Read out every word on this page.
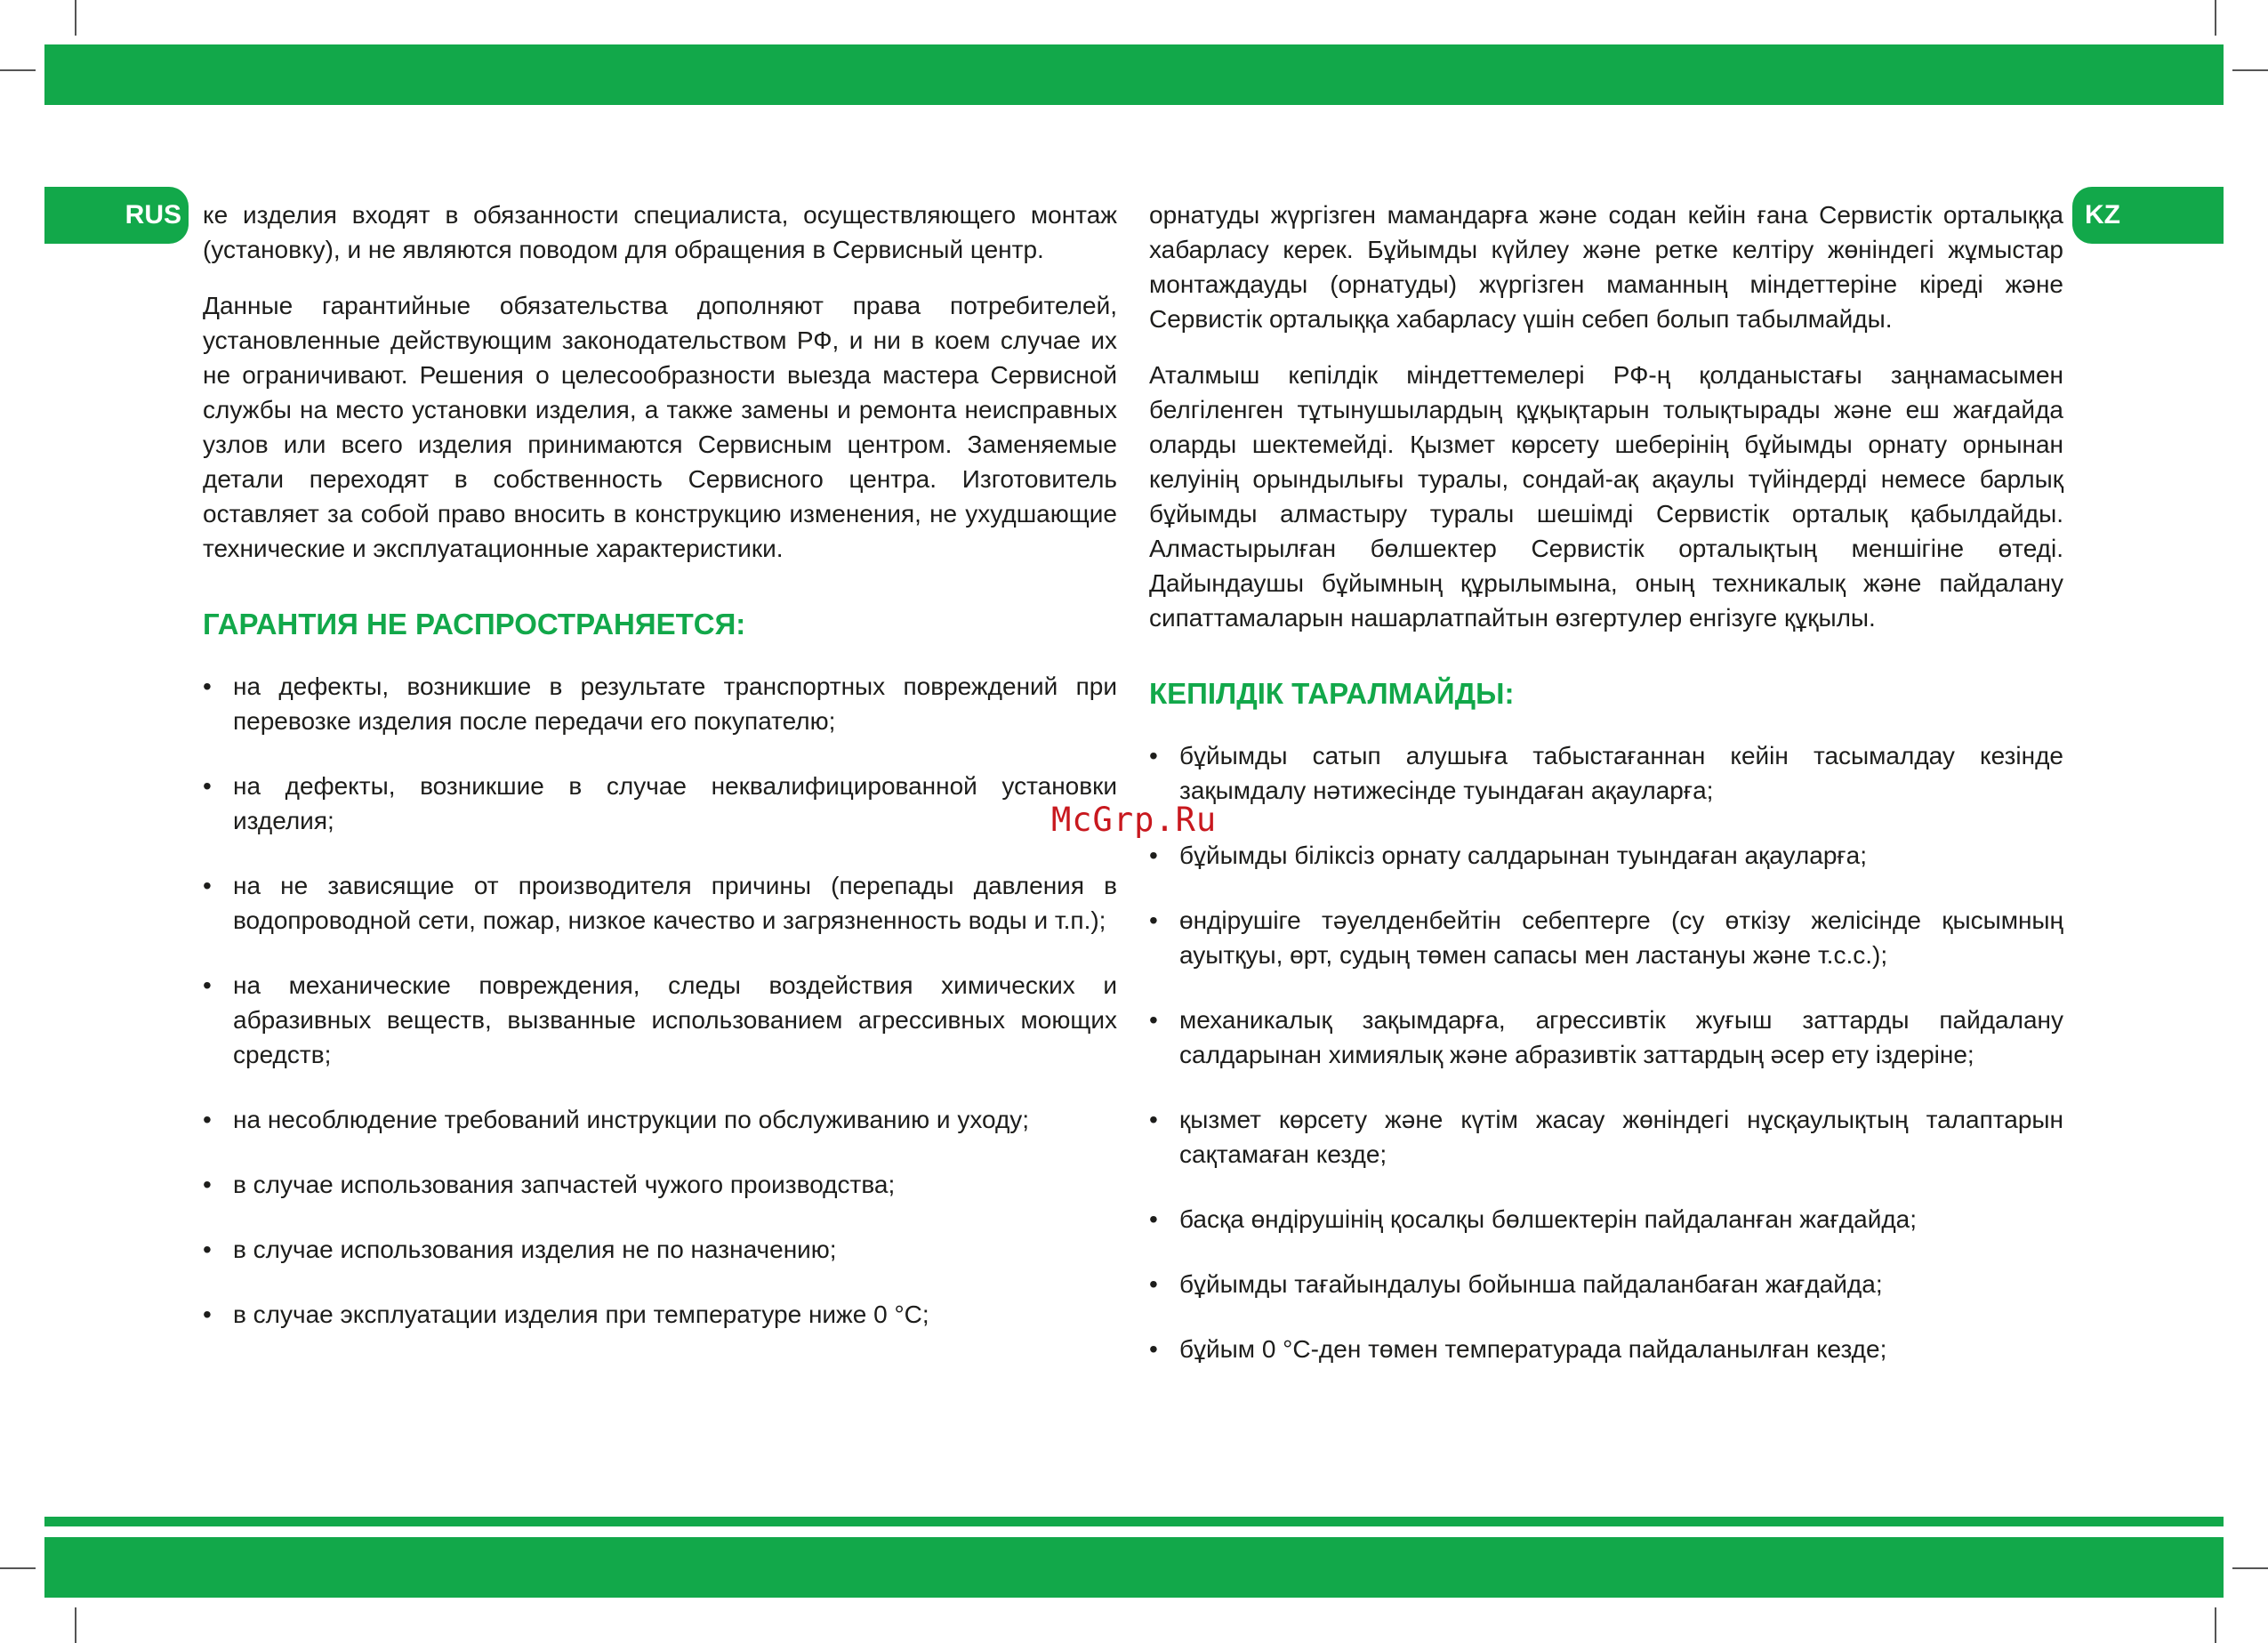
RUS	KZ

ке изделия входят в обязанности специалиста, осуществляющего монтаж (установку), и не являются поводом для обращения в Сервисный центр.

Данные гарантийные обязательства дополняют права потребителей, установленные действующим законодательством РФ, и ни в коем случае их не ограничивают. Решения о целесообразности выезда мастера Сервисной службы на место установки изделия, а также замены и ремонта неисправных узлов или всего изделия принимаются Сервисным центром. Заменяемые детали переходят в собственность Сервисного центра. Изготовитель оставляет за собой право вносить в конструкцию изменения, не ухудшающие технические и эксплуатационные характеристики.

ГАРАНТИЯ НЕ РАСПРОСТРАНЯЕТСЯ:
• на дефекты, возникшие в результате транспортных повреждений при перевозке изделия после передачи его покупателю;
• на дефекты, возникшие в случае неквалифицированной установки изделия;
• на не зависящие от производителя причины (перепады давления в водопроводной сети, пожар, низкое качество и загрязненность воды и т.п.);
• на механические повреждения, следы воздействия химических и абразивных веществ, вызванные использованием агрессивных моющих средств;
• на несоблюдение требований инструкции по обслуживанию и уходу;
• в случае использования запчастей чужого производства;
• в случае использования изделия не по назначению;
• в случае эксплуатации изделия при температуре ниже 0 °С;

орнатуды жүргізген мамандарға және содан кейін ғана Сервистік орталыққа хабарласу керек. Бұйымды күйлеу және ретке келтіру жөніндегі жұмыстар монтаждауды (орнатуды) жүргізген маманның міндеттеріне кіреді және Сервистік орталыққа хабарласу үшін себеп болып табылмайды.

Аталмыш кепілдік міндеттемелері РФ-ң қолданыстағы заңнамасымен белгіленген тұтынушылардың құқықтарын толықтырады және еш жағдайда оларды шектемейді. Қызмет көрсету шеберінің бұйымды орнату орнынан келуінің орындылығы туралы, сондай-ақ ақаулы түйіндерді немесе барлық бұйымды алмастыру туралы шешімді Сервистік орталық қабылдайды. Алмастырылған бөлшектер Сервистік орталықтың меншігіне өтеді. Дайындаушы бұйымның құрылымына, оның техникалық және пайдалану сипаттамаларын нашарлатпайтын өзгертулер енгізуге құқылы.

КЕПІЛДІК ТАРАЛМАЙДЫ:
• бұйымды сатып алушыға табыстағаннан кейін тасымалдау кезінде зақымдалу нәтижесінде туындаған ақауларға;
• бұйымды біліксіз орнату салдарынан туындаған ақауларға;
• өндірушіге тәуелденбейтін себептерге (су өткізу желісінде қысымның ауытқуы, өрт, судың төмен сапасы мен ластануы және т.с.с.);
• механикалық зақымдарға, агрессивтік жуғыш заттарды пайдалану салдарынан химиялық және абразивтік заттардың әсер ету іздеріне;
• қызмет көрсету және күтім жасау жөніндегі нұсқаулықтың талаптарын сақтамаған кезде;
• басқа өндірушінің қосалқы бөлшектерін пайдаланған жағдайда;
• бұйымды тағайындалуы бойынша пайдаланбаған жағдайда;
• бұйым 0 °С-ден төмен температурада пайдаланылған кезде;
McGrp.Ru
